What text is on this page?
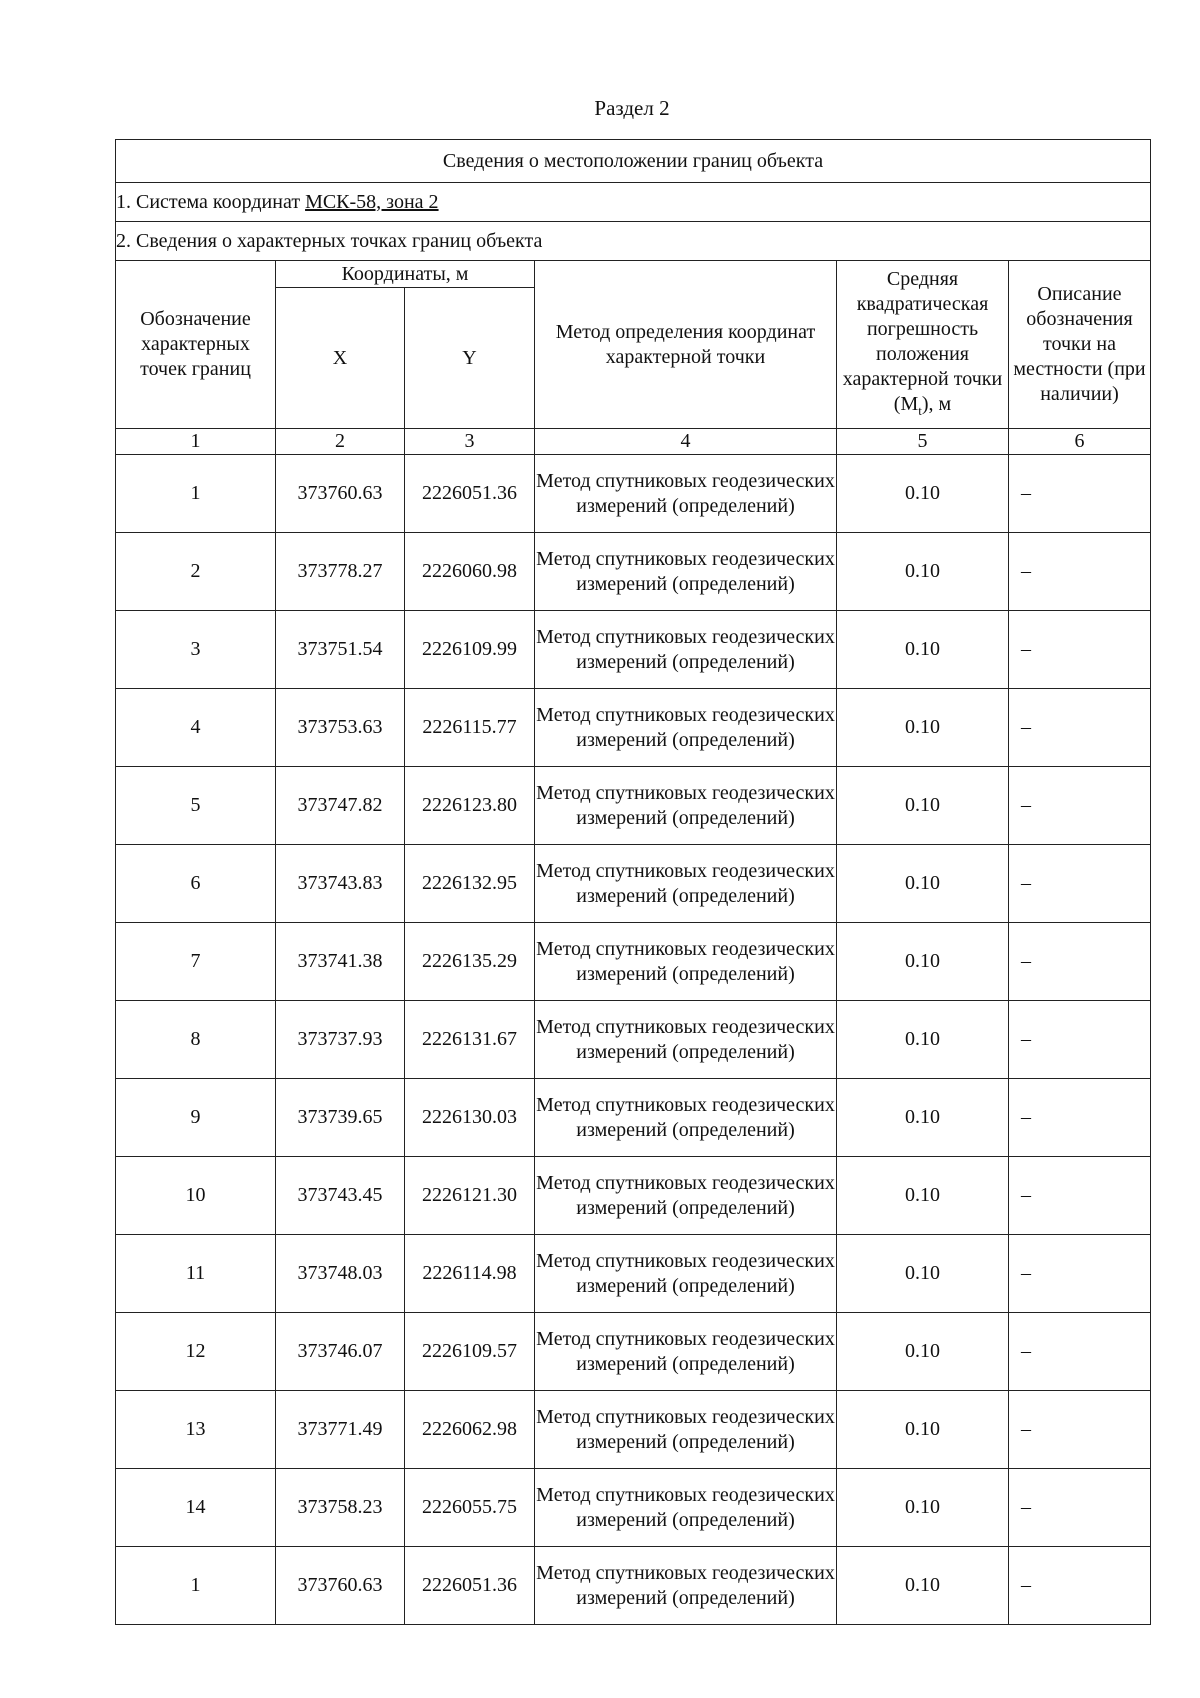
Раздел 2
Сведения о местоположении границ объекта					
1. Система координат МСК-58, зона 2					
2. Сведения о характерных точках границ объекта					
Обозначение характерных точек границ	Координаты, м		Метод определения координат характерной точки	Средняя квадратическая погрешность положения характерной точки $(M_t)$, м	Описание обозначения точки на местности (при наличии)
	X	Y			
1	2	3	4	5	6
1	373760.63	2226051.36	Метод спутниковых геодезических измерений (определений)	0.10	–
2	373778.27	2226060.98	Метод спутниковых геодезических измерений (определений)	0.10	–
3	373751.54	2226109.99	Метод спутниковых геодезических измерений (определений)	0.10	–
4	373753.63	2226115.77	Метод спутниковых геодезических измерений (определений)	0.10	–
5	373747.82	2226123.80	Метод спутниковых геодезических измерений (определений)	0.10	–
6	373743.83	2226132.95	Метод спутниковых геодезических измерений (определений)	0.10	–
7	373741.38	2226135.29	Метод спутниковых геодезических измерений (определений)	0.10	–
8	373737.93	2226131.67	Метод спутниковых геодезических измерений (определений)	0.10	–
9	373739.65	2226130.03	Метод спутниковых геодезических измерений (определений)	0.10	–
10	373743.45	2226121.30	Метод спутниковых геодезических измерений (определений)	0.10	–
11	373748.03	2226114.98	Метод спутниковых геодезических измерений (определений)	0.10	–
12	373746.07	2226109.57	Метод спутниковых геодезических измерений (определений)	0.10	–
13	373771.49	2226062.98	Метод спутниковых геодезических измерений (определений)	0.10	–
14	373758.23	2226055.75	Метод спутниковых геодезических измерений (определений)	0.10	–
1	373760.63	2226051.36	Метод спутниковых геодезических измерений (определений)	0.10	–
